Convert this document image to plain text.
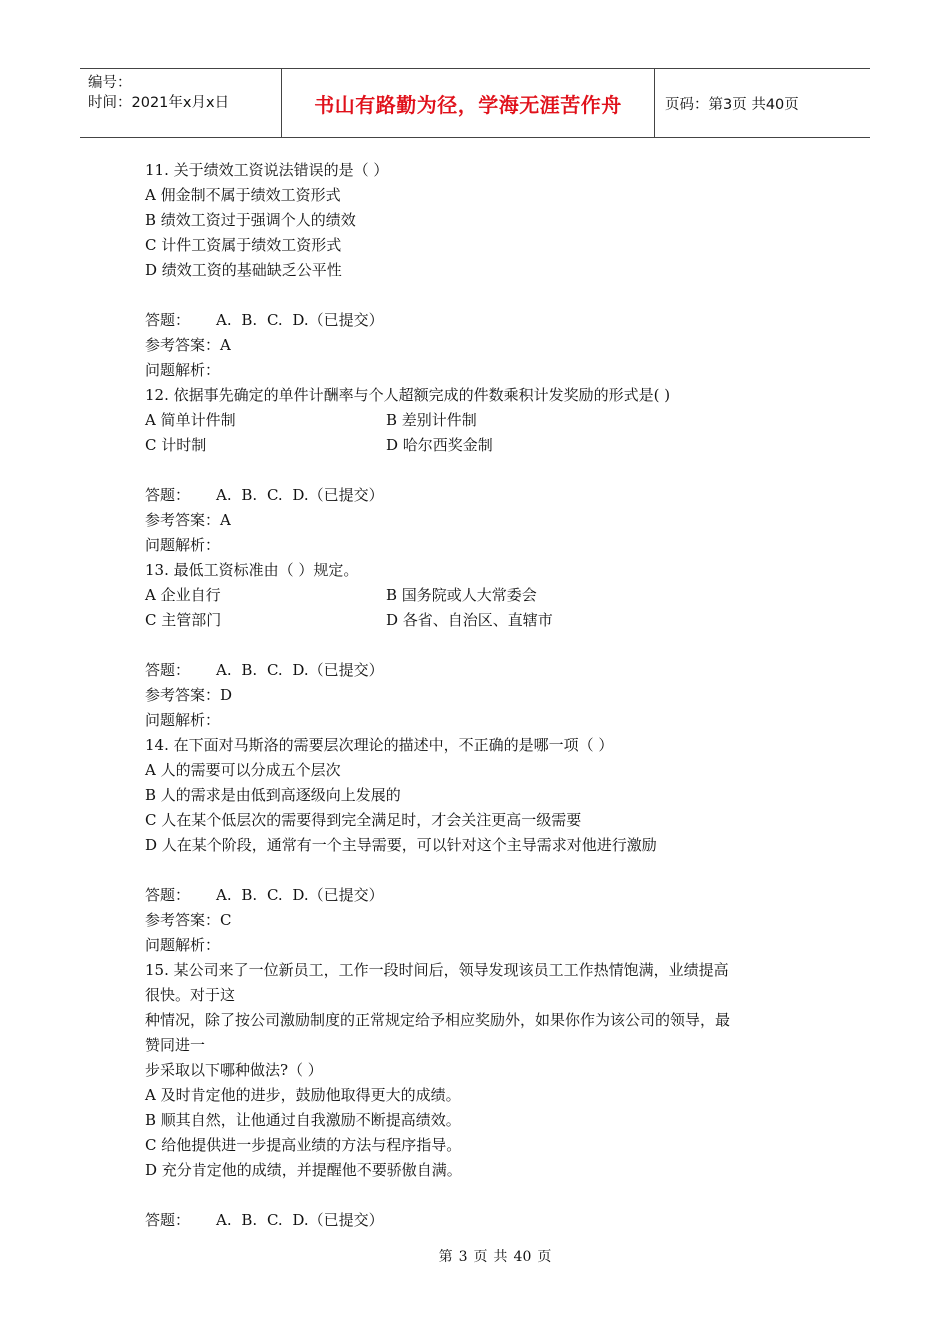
编号：
时间：2021年x月x日	书山有路勤为径，学海无涯苦作舟	页码：第3页 共40页
11. 关于绩效工资说法错误的是（ ）
A 佣金制不属于绩效工资形式
B 绩效工资过于强调个人的绩效
C 计件工资属于绩效工资形式
D 绩效工资的基础缺乏公平性
答题： A. B. C. D.（已提交）
参考答案：A
问题解析：
12. 依据事先确定的单件计酬率与个人超额完成的件数乘积计发奖励的形式是( )
A 简单计件制	B 差别计件制
C 计时制	D 哈尔西奖金制
答题： A. B. C. D.（已提交）
参考答案：A
问题解析：
13. 最低工资标准由（ ）规定。
A 企业自行	B 国务院或人大常委会
C 主管部门	D 各省、自治区、直辖市
答题： A. B. C. D.（已提交）
参考答案：D
问题解析：
14. 在下面对马斯洛的需要层次理论的描述中，不正确的是哪一项（ ）
A 人的需要可以分成五个层次
B 人的需求是由低到高逐级向上发展的
C 人在某个低层次的需要得到完全满足时，才会关注更高一级需要
D 人在某个阶段，通常有一个主导需要，可以针对这个主导需求对他进行激励
答题： A. B. C. D.（已提交）
参考答案：C
问题解析：
15. 某公司来了一位新员工，工作一段时间后，领导发现该员工工作热情饱满，业绩提高
很快。对于这
种情况，除了按公司激励制度的正常规定给予相应奖励外，如果你作为该公司的领导，最
赞同进一
步采取以下哪种做法?（ ）
A 及时肯定他的进步，鼓励他取得更大的成绩。
B 顺其自然，让他通过自我激励不断提高绩效。
C 给他提供进一步提高业绩的方法与程序指导。
D 充分肯定他的成绩，并提醒他不要骄傲自满。
答题： A. B. C. D.（已提交）
第 3 页 共 40 页
